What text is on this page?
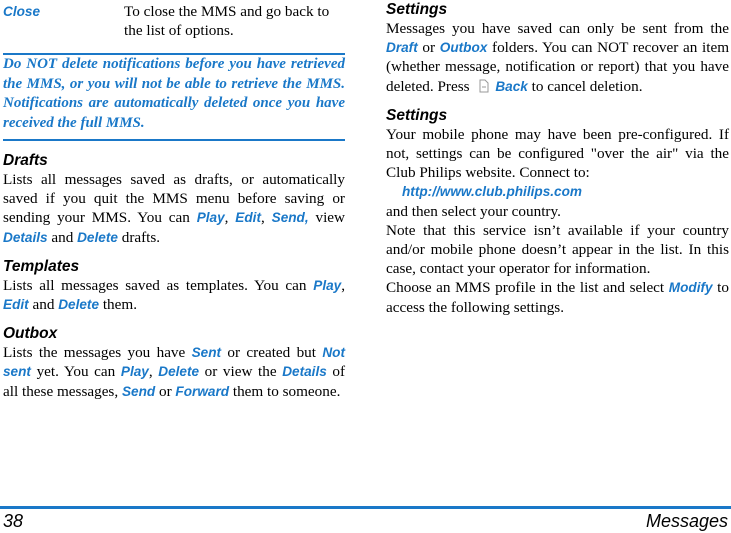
Close	To close the MMS and go back to the list of options.
Do NOT delete notifications before you have retrieved the MMS, or you will not be able to retrieve the MMS. Notifications are automatically deleted once you have received the full MMS.
Drafts
Lists all messages saved as drafts, or automatically saved if you quit the MMS menu before saving or sending your MMS. You can Play, Edit, Send, view Details and Delete drafts.
Templates
Lists all messages saved as templates. You can Play, Edit and Delete them.
Outbox
Lists the messages you have Sent or created but Not sent yet. You can Play, Delete or view the Details of all these messages, Send or Forward them to someone.
Settings
Messages you have saved can only be sent from the Draft or Outbox folders. You can NOT recover an item (whether message, notification or report) that you have deleted. Press Back to cancel deletion.
Settings
Your mobile phone may have been pre-configured. If not, settings can be configured "over the air" via the Club Philips website. Connect to:
http://www.club.philips.com
and then select your country.
Note that this service isn’t available if your country and/or mobile phone doesn’t appear in the list. In this case, contact your operator for information.
Choose an MMS profile in the list and select Modify to access the following settings.
38	Messages
